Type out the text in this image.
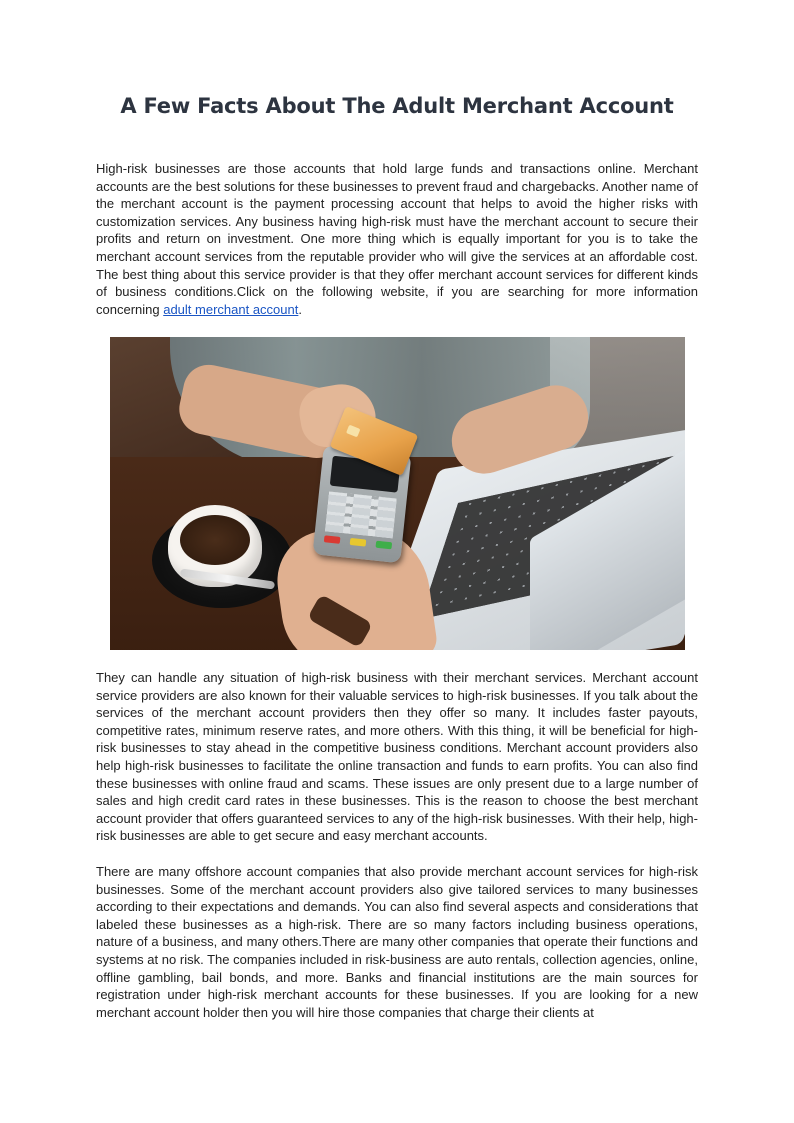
A Few Facts About The Adult Merchant Account
High-risk businesses are those accounts that hold large funds and transactions online. Merchant accounts are the best solutions for these businesses to prevent fraud and chargebacks. Another name of the merchant account is the payment processing account that helps to avoid the higher risks with customization services. Any business having high-risk must have the merchant account to secure their profits and return on investment. One more thing which is equally important for you is to take the merchant account services from the reputable provider who will give the services at an affordable cost. The best thing about this service provider is that they offer merchant account services for different kinds of business conditions.Click on the following website, if you are searching for more information concerning adult merchant account.
They can handle any situation of high-risk business with their merchant services. Merchant account service providers are also known for their valuable services to high-risk businesses. If you talk about the services of the merchant account providers then they offer so many. It includes faster payouts, competitive rates, minimum reserve rates, and more others. With this thing, it will be beneficial for high-risk businesses to stay ahead in the competitive business conditions. Merchant account providers also help high-risk businesses to facilitate the online transaction and funds to earn profits. You can also find these businesses with online fraud and scams. These issues are only present due to a large number of sales and high credit card rates in these businesses. This is the reason to choose the best merchant account provider that offers guaranteed services to any of the high-risk businesses. With their help, high-risk businesses are able to get secure and easy merchant accounts.
There are many offshore account companies that also provide merchant account services for high-risk businesses. Some of the merchant account providers also give tailored services to many businesses according to their expectations and demands. You can also find several aspects and considerations that labeled these businesses as a high-risk. There are so many factors including business operations, nature of a business, and many others.There are many other companies that operate their functions and systems at no risk. The companies included in risk-business are auto rentals, collection agencies, online, offline gambling, bail bonds, and more. Banks and financial institutions are the main sources for registration under high-risk merchant accounts for these businesses. If you are looking for a new merchant account holder then you will hire those companies that charge their clients at
